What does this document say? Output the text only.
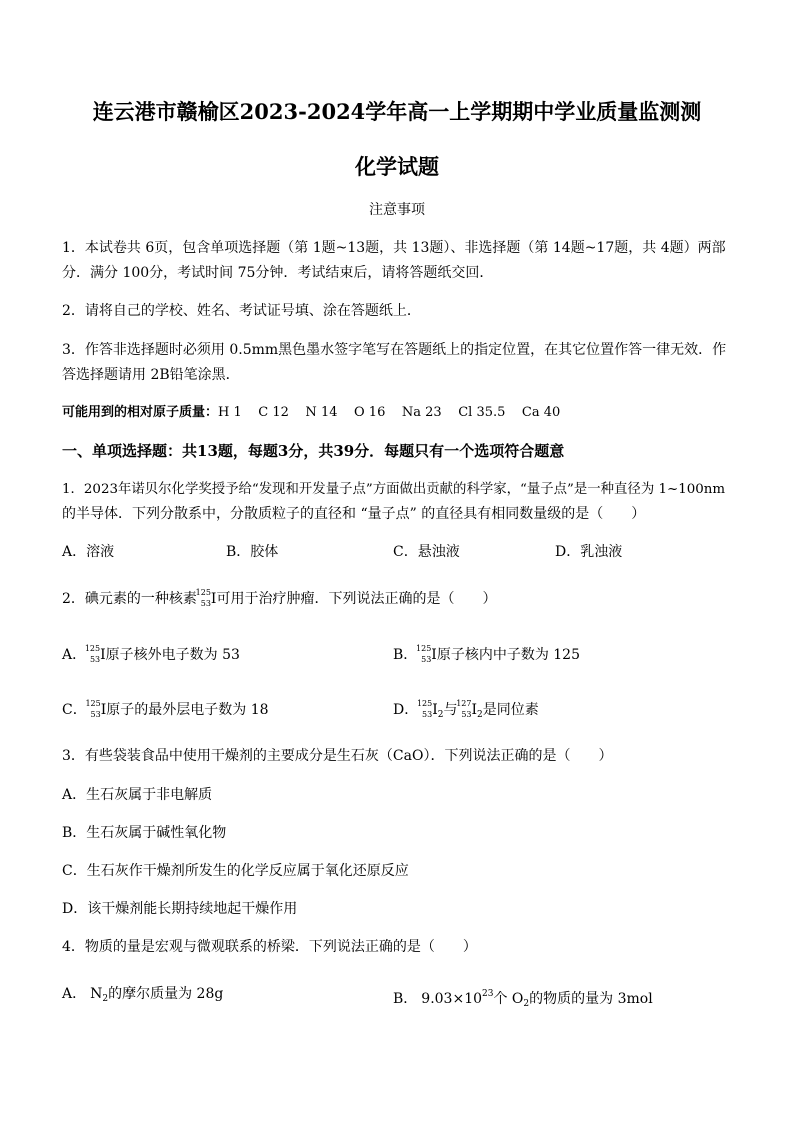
连云港市赣榆区2023-2024学年高一上学期期中学业质量监测测
化学试题
注意事项
1．本试卷共 6页，包含单项选择题（第 1题~13题，共 13题）、非选择题（第 14题~17题，共 4题）两部
分．满分 100分，考试时间 75分钟．考试结束后，请将答题纸交回．
2．请将自己的学校、姓名、考试证号填、涂在答题纸上．
3．作答非选择题时必须用 0.5mm黑色墨水签字笔写在答题纸上的指定位置，在其它位置作答一律无效．作
答选择题请用 2B铅笔涂黑．
可能用到的相对原子质量：H 1    C 12    N 14    O 16    Na 23    Cl 35.5    Ca 40
一、单项选择题：共13题，每题3分，共39分．每题只有一个选项符合题意
1．2023年诺贝尔化学奖授予给“发现和开发量子点”方面做出贡献的科学家，“量子点”是一种直径为 1~100nm
的半导体．下列分散系中，分散质粒子的直径和 “量子点” 的直径具有相同数量级的是（　　）
A．溶液	B．胶体	C．悬浊液	D．乳浊液
2．碘元素的一种核素
125
53 I可用于治疗肿瘤．下列说法正确的是（　　）
A．
125
53 I原子核外电子数为 53	B．
125
53 I原子核内中子数为 125
C．
125
53 I原子的最外层电子数为 18	D．
125
53 $I_2$与
127
53 $I_2$是同位素
3．有些袋装食品中使用干燥剂的主要成分是生石灰（CaO）．下列说法正确的是（　　）
A．生石灰属于非电解质
B．生石灰属于碱性氧化物
C．生石灰作干燥剂所发生的化学反应属于氧化还原反应
D．该干燥剂能长期持续地起干燥作用
4．物质的量是宏观与微观联系的桥梁．下列说法正确的是（　　）
A． $N_2$的摩尔质量为 28g	B． $9.03\times 10^{23}$个 $O_2$的物质的量为 3mol
